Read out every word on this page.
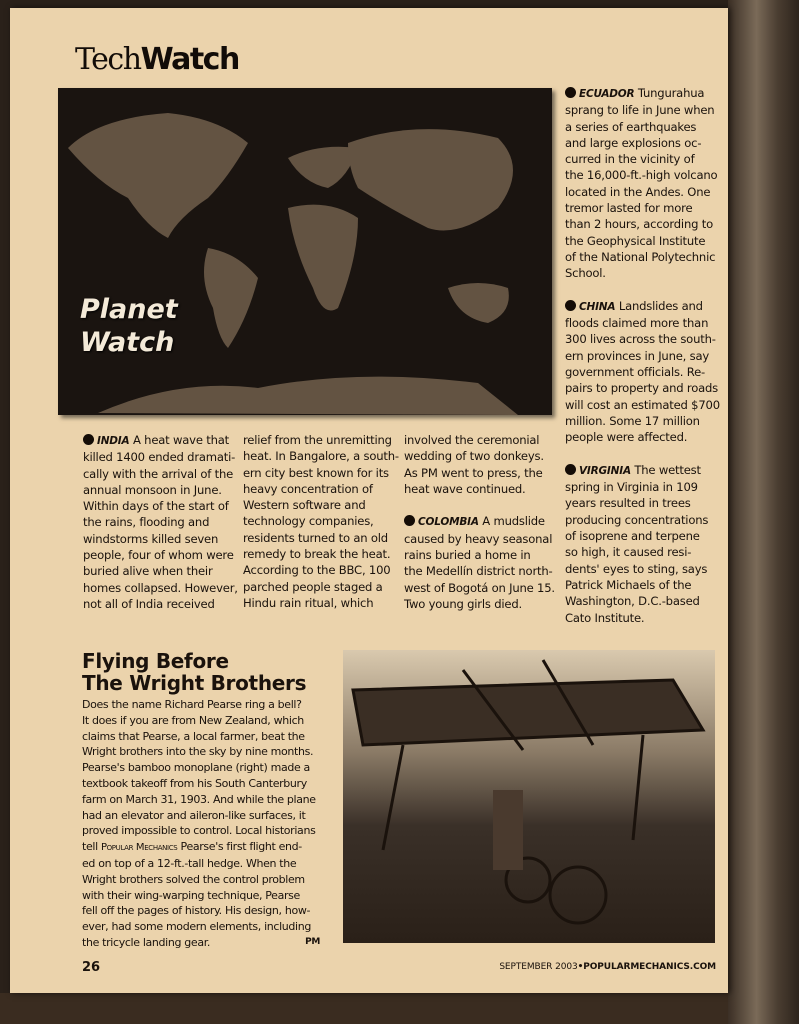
TechWatch
Planet
Watch
INDIA A heat wave that
killed 1400 ended dramati-
cally with the arrival of the
annual monsoon in June.
Within days of the start of
the rains, flooding and
windstorms killed seven
people, four of whom were
buried alive when their
homes collapsed. However,
not all of India received
relief from the unremitting
heat. In Bangalore, a south-
ern city best known for its
heavy concentration of
Western software and
technology companies,
residents turned to an old
remedy to break the heat.
According to the BBC, 100
parched people staged a
Hindu rain ritual, which
involved the ceremonial
wedding of two donkeys.
As PM went to press, the
heat wave continued.
COLOMBIA A mudslide
caused by heavy seasonal
rains buried a home in
the Medellín district north-
west of Bogotá on June 15.
Two young girls died.
ECUADOR Tungurahua
sprang to life in June when
a series of earthquakes
and large explosions oc-
curred in the vicinity of
the 16,000-ft.-high volcano
located in the Andes. One
tremor lasted for more
than 2 hours, according to
the Geophysical Institute
of the National Polytechnic
School.
CHINA Landslides and
floods claimed more than
300 lives across the south-
ern provinces in June, say
government officials. Re-
pairs to property and roads
will cost an estimated $700
million. Some 17 million
people were affected.
VIRGINIA The wettest
spring in Virginia in 109
years resulted in trees
producing concentrations
of isoprene and terpene
so high, it caused resi-
dents' eyes to sting, says
Patrick Michaels of the
Washington, D.C.-based
Cato Institute.
Flying Before
The Wright Brothers
Does the name Richard Pearse ring a bell?
It does if you are from New Zealand, which
claims that Pearse, a local farmer, beat the
Wright brothers into the sky by nine months.
Pearse's bamboo monoplane (right) made a
textbook takeoff from his South Canterbury
farm on March 31, 1903. And while the plane
had an elevator and aileron-like surfaces, it
proved impossible to control. Local historians
tell Popular Mechanics Pearse's first flight end-
ed on top of a 12-ft.-tall hedge. When the
Wright brothers solved the control problem
with their wing-warping technique, Pearse
fell off the pages of history. His design, how-
ever, had some modern elements, including
the tricycle landing gear.	PM
26	SEPTEMBER 2003•POPULARMECHANICS.COM
